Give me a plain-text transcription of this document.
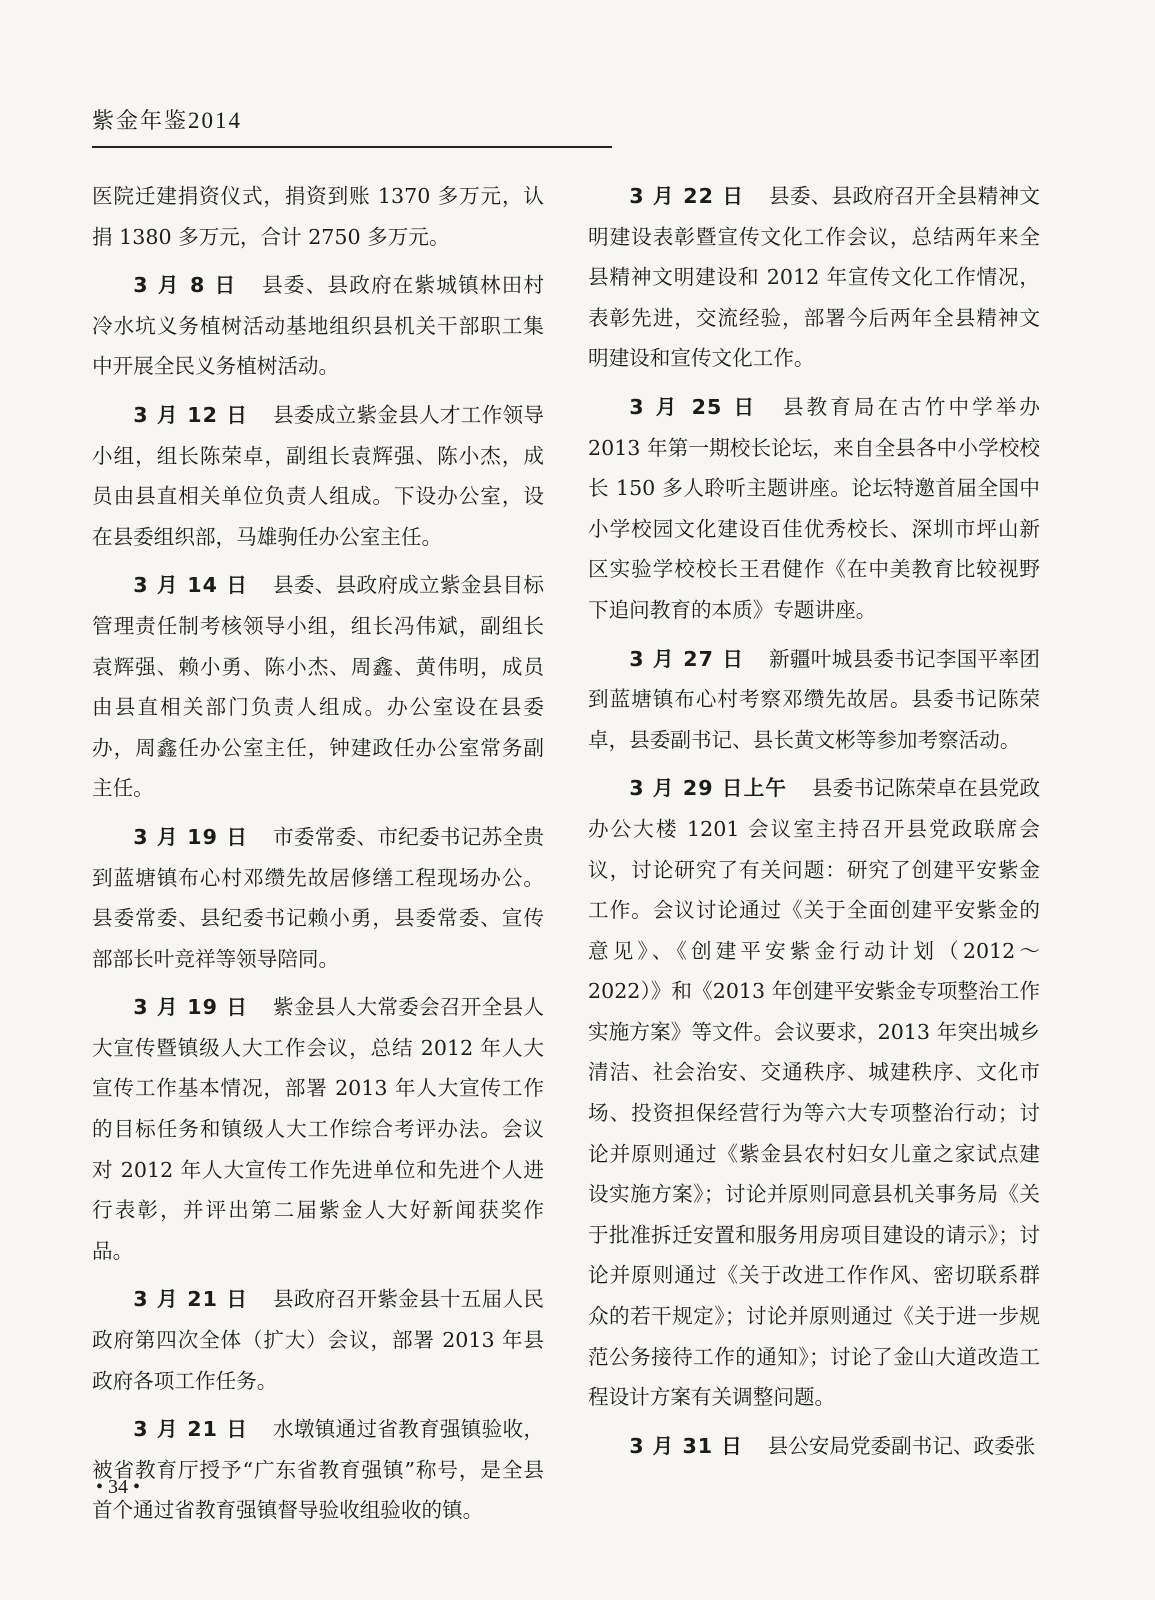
紫金年鉴2014

医院迁建捐资仪式，捐资到账 1370 多万元，认捐 1380 多万元，合计 2750 多万元。

3 月 8 日 县委、县政府在紫城镇林田村冷水坑义务植树活动基地组织县机关干部职工集中开展全民义务植树活动。

3 月 12 日 县委成立紫金县人才工作领导小组，组长陈荣卓，副组长袁辉强、陈小杰，成员由县直相关单位负责人组成。下设办公室，设在县委组织部，马雄驹任办公室主任。

3 月 14 日 县委、县政府成立紫金县目标管理责任制考核领导小组，组长冯伟斌，副组长袁辉强、赖小勇、陈小杰、周鑫、黄伟明，成员由县直相关部门负责人组成。办公室设在县委办，周鑫任办公室主任，钟建政任办公室常务副主任。

3 月 19 日 市委常委、市纪委书记苏全贵到蓝塘镇布心村邓缵先故居修缮工程现场办公。县委常委、县纪委书记赖小勇，县委常委、宣传部部长叶竞祥等领导陪同。

3 月 19 日 紫金县人大常委会召开全县人大宣传暨镇级人大工作会议，总结 2012 年人大宣传工作基本情况，部署 2013 年人大宣传工作的目标任务和镇级人大工作综合考评办法。会议对 2012 年人大宣传工作先进单位和先进个人进行表彰，并评出第二届紫金人大好新闻获奖作品。

3 月 21 日 县政府召开紫金县十五届人民政府第四次全体（扩大）会议，部署 2013 年县政府各项工作任务。

3 月 21 日 水墩镇通过省教育强镇验收，被省教育厅授予“广东省教育强镇”称号，是全县首个通过省教育强镇督导验收组验收的镇。

3 月 22 日 县委、县政府召开全县精神文明建设表彰暨宣传文化工作会议，总结两年来全县精神文明建设和 2012 年宣传文化工作情况，表彰先进，交流经验，部署今后两年全县精神文明建设和宣传文化工作。

3 月 25 日 县教育局在古竹中学举办 2013 年第一期校长论坛，来自全县各中小学校校长 150 多人聆听主题讲座。论坛特邀首届全国中小学校园文化建设百佳优秀校长、深圳市坪山新区实验学校校长王君健作《在中美教育比较视野下追问教育的本质》专题讲座。

3 月 27 日 新疆叶城县委书记李国平率团到蓝塘镇布心村考察邓缵先故居。县委书记陈荣卓，县委副书记、县长黄文彬等参加考察活动。

3 月 29 日上午 县委书记陈荣卓在县党政办公大楼 1201 会议室主持召开县党政联席会议，讨论研究了有关问题：研究了创建平安紫金工作。会议讨论通过《关于全面创建平安紫金的意见》、《创建平安紫金行动计划（2012～2022）》和《2013 年创建平安紫金专项整治工作实施方案》等文件。会议要求，2013 年突出城乡清洁、社会治安、交通秩序、城建秩序、文化市场、投资担保经营行为等六大专项整治行动；讨论并原则通过《紫金县农村妇女儿童之家试点建设实施方案》；讨论并原则同意县机关事务局《关于批准拆迁安置和服务用房项目建设的请示》；讨论并原则通过《关于改进工作作风、密切联系群众的若干规定》；讨论并原则通过《关于进一步规范公务接待工作的通知》；讨论了金山大道改造工程设计方案有关调整问题。

3 月 31 日 县公安局党委副书记、政委张

• 34 •
